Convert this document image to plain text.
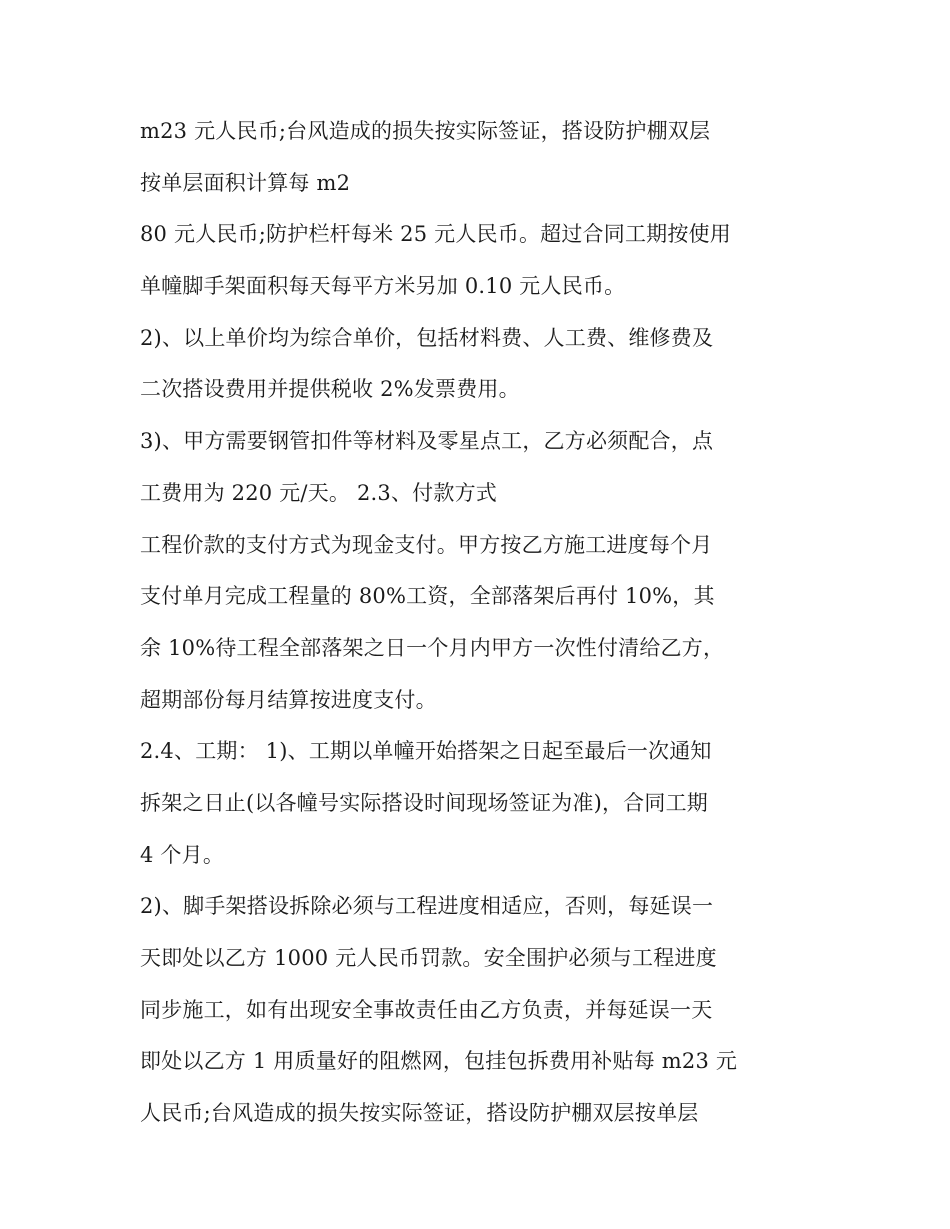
m23 元人民币;台风造成的损失按实际签证，搭设防护棚双层
按单层面积计算每 m2
80 元人民币;防护栏杆每米 25 元人民币。超过合同工期按使用
单幢脚手架面积每天每平方米另加 0.10 元人民币。
2)、以上单价均为综合单价，包括材料费、人工费、维修费及
二次搭设费用并提供税收 2%发票费用。
3)、甲方需要钢管扣件等材料及零星点工，乙方必须配合，点
工费用为 220 元/天。 2.3、付款方式
工程价款的支付方式为现金支付。甲方按乙方施工进度每个月
支付单月完成工程量的 80%工资，全部落架后再付 10%，其
余 10%待工程全部落架之日一个月内甲方一次性付清给乙方，
超期部份每月结算按进度支付。
2.4、工期： 1)、工期以单幢开始搭架之日起至最后一次通知
拆架之日止(以各幢号实际搭设时间现场签证为准)，合同工期
4 个月。
2)、脚手架搭设拆除必须与工程进度相适应，否则，每延误一
天即处以乙方 1000 元人民币罚款。安全围护必须与工程进度
同步施工，如有出现安全事故责任由乙方负责，并每延误一天
即处以乙方 1 用质量好的阻燃网，包挂包拆费用补贴每 m23 元
人民币;台风造成的损失按实际签证，搭设防护棚双层按单层
